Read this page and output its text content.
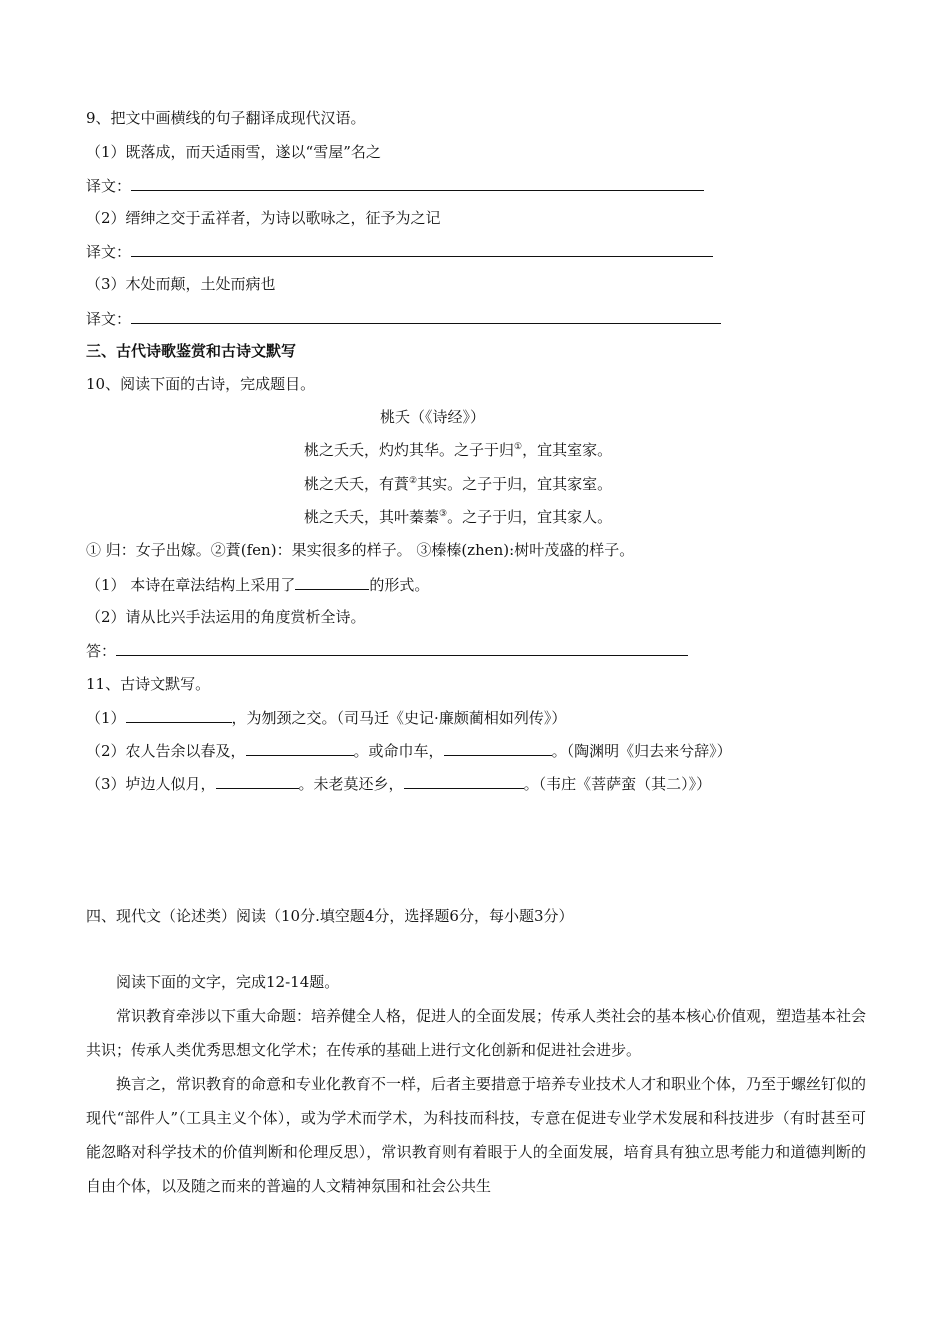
9、把文中画横线的句子翻译成现代汉语。
（1）既落成，而天适雨雪，遂以“雪屋”名之
译文：
（2）缙绅之交于孟祥者，为诗以歌咏之，征予为之记
译文：
（3）木处而颠，土处而病也
译文：
三、古代诗歌鉴赏和古诗文默写
10、阅读下面的古诗，完成题目。
桃夭（《诗经》）
桃之夭夭，灼灼其华。之子于归①，宜其室家。
桃之夭夭，有蕡②其实。之子于归，宜其家室。
桃之夭夭，其叶蓁蓁③。之子于归，宜其家人。
① 归：女子出嫁。②蕡(fen)：果实很多的样子。 ③榛榛(zhen):树叶茂盛的样子。
（1） 本诗在章法结构上采用了	的形式。
（2）请从比兴手法运用的角度赏析全诗。
答：
11、古诗文默写。
（1）	，为刎颈之交。（司马迁《史记·廉颇蔺相如列传》）
（2）农人告余以春及，	。或命巾车，	。（陶渊明《归去来兮辞》）
（3）垆边人似月，	。未老莫还乡，	。（韦庄《菩萨蛮（其二）》）
四、现代文（论述类）阅读（10分.填空题4分，选择题6分，每小题3分）
阅读下面的文字，完成12-14题。

常识教育牵涉以下重大命题：培养健全人格，促进人的全面发展；传承人类社会的基本核心价值观，塑造基本社会共识；传承人类优秀思想文化学术；在传承的基础上进行文化创新和促进社会进步。

换言之，常识教育的命意和专业化教育不一样，后者主要措意于培养专业技术人才和职业个体，乃至于螺丝钉似的现代“部件人”（工具主义个体），或为学术而学术，为科技而科技，专意在促进专业学术发展和科技进步（有时甚至可能忽略对科学技术的价值判断和伦理反思），常识教育则有着眼于人的全面发展，培育具有独立思考能力和道德判断的自由个体，以及随之而来的普遍的人文精神氛围和社会公共生
